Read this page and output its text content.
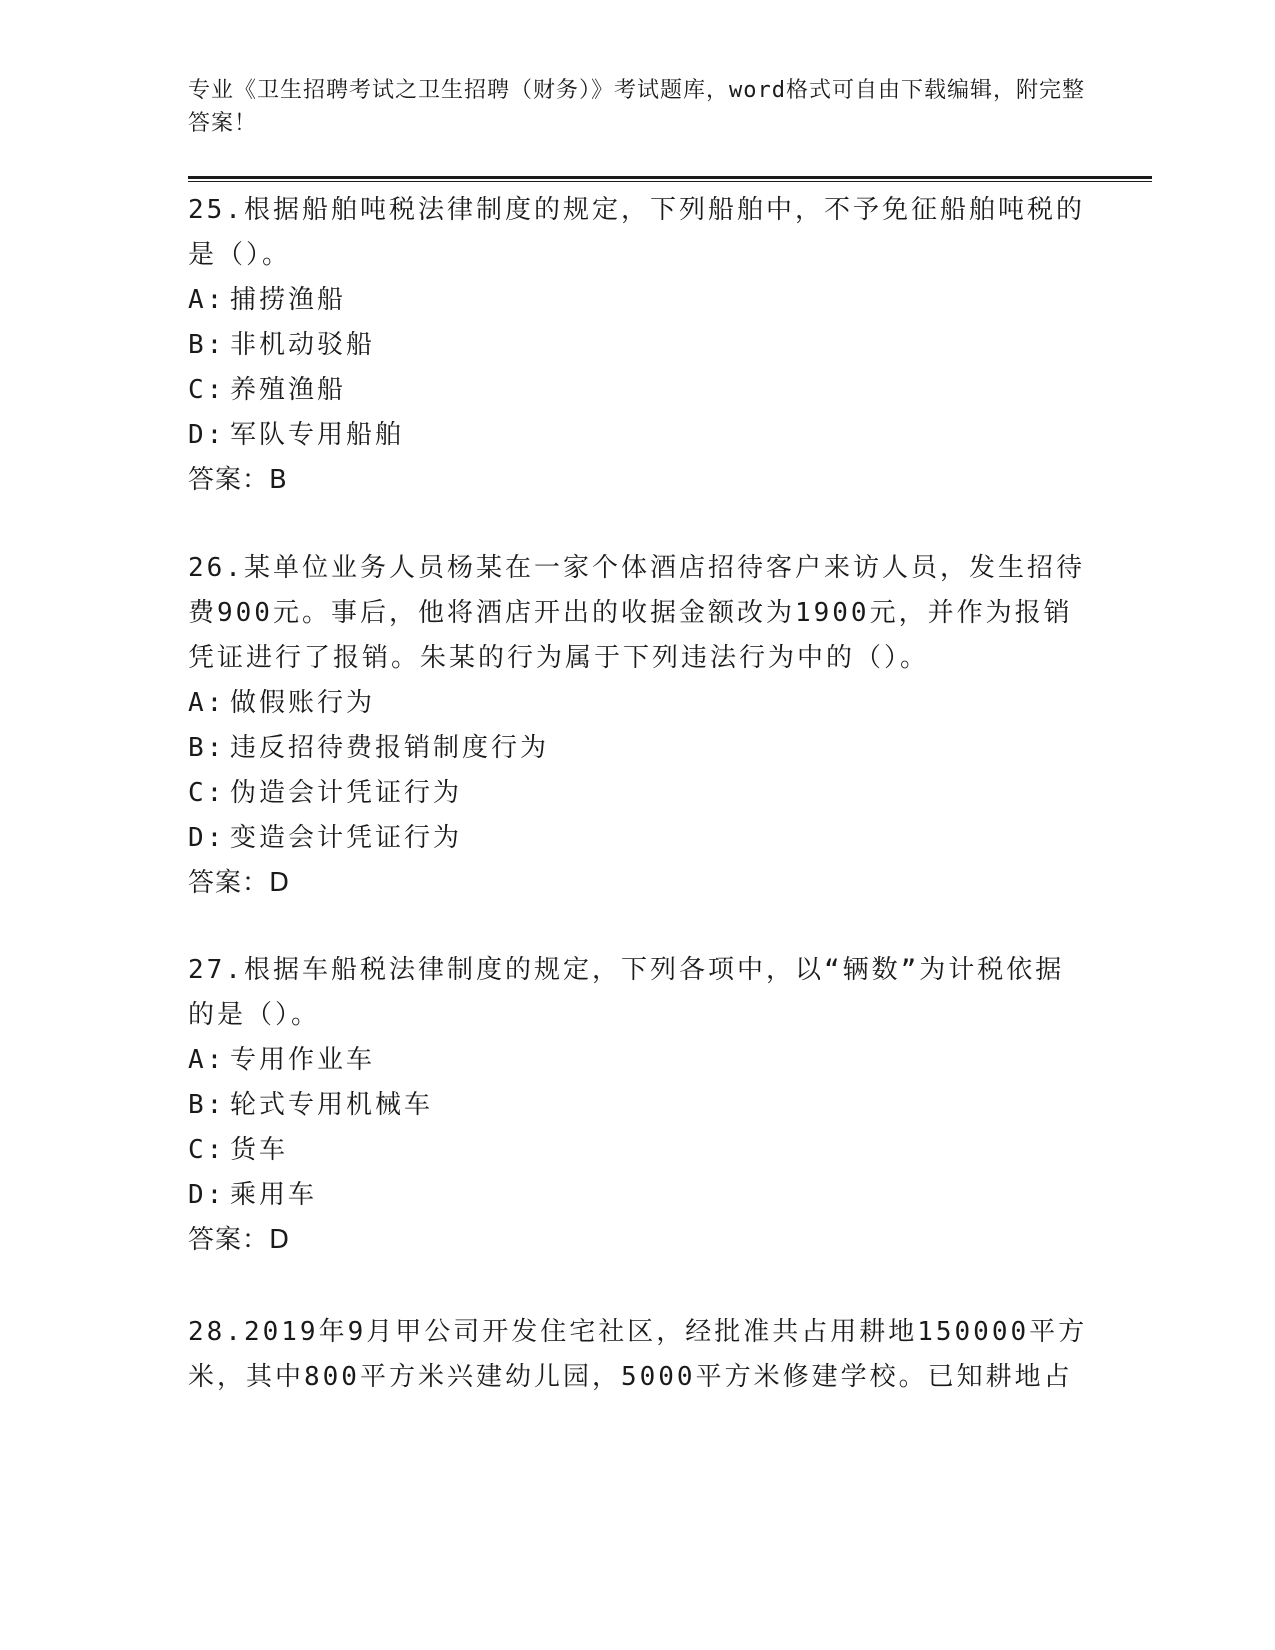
专业《卫生招聘考试之卫生招聘（财务）》考试题库，word格式可自由下载编辑，附完整答案！
25.根据船舶吨税法律制度的规定，下列船舶中，不予免征船舶吨税的是（）。
A: 捕捞渔船
B: 非机动驳船
C: 养殖渔船
D: 军队专用船舶
答案：B
26.某单位业务人员杨某在一家个体酒店招待客户来访人员，发生招待费900元。事后，他将酒店开出的收据金额改为1900元，并作为报销凭证进行了报销。朱某的行为属于下列违法行为中的（）。
A: 做假账行为
B: 违反招待费报销制度行为
C: 伪造会计凭证行为
D: 变造会计凭证行为
答案：D
27.根据车船税法律制度的规定，下列各项中，以“辆数”为计税依据的是（）。
A: 专用作业车
B: 轮式专用机械车
C: 货车
D: 乘用车
答案：D
28.2019年9月甲公司开发住宅社区，经批准共占用耕地150000平方米，其中800平方米兴建幼儿园，5000平方米修建学校。已知耕地占
